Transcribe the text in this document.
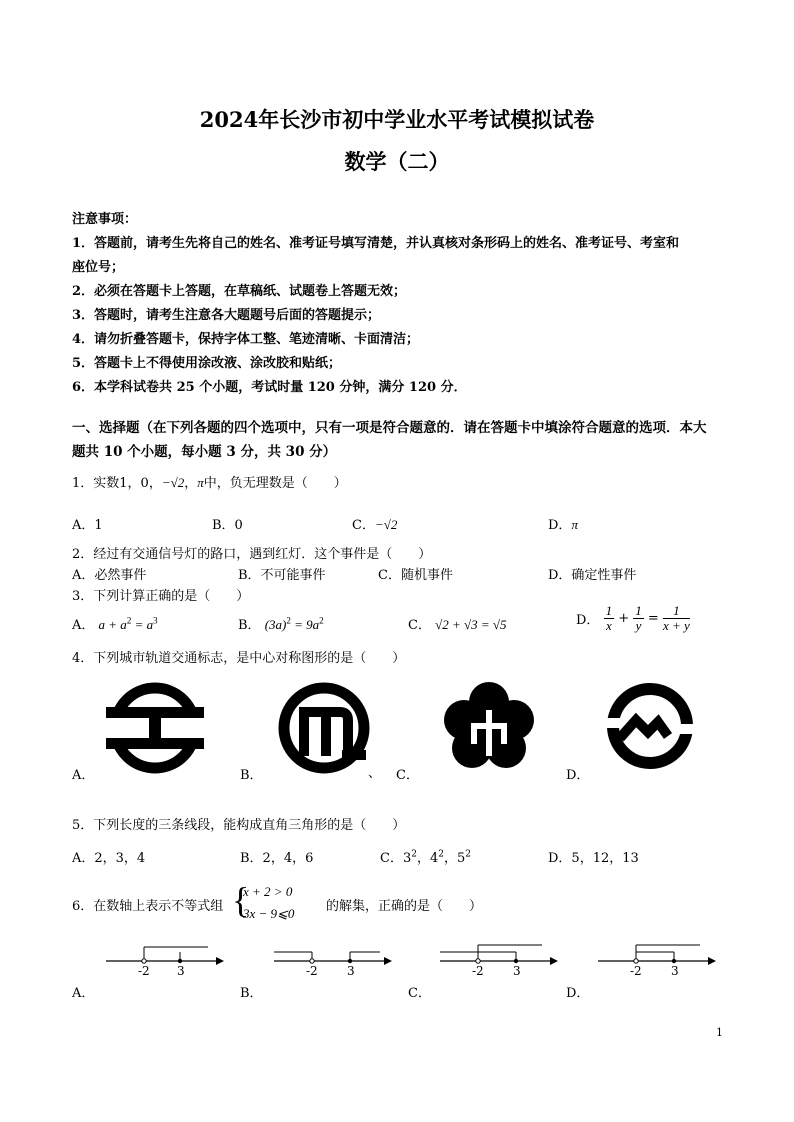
2024年长沙市初中学业水平考试模拟试卷
数学（二）
注意事项：
1．答题前，请考生先将自己的姓名、准考证号填写清楚，并认真核对条形码上的姓名、准考证号、考室和
座位号；
2．必须在答题卡上答题，在草稿纸、试题卷上答题无效；
3．答题时，请考生注意各大题题号后面的答题提示；
4．请勿折叠答题卡，保持字体工整、笔迹清晰、卡面清洁；
5．答题卡上不得使用涂改液、涂改胶和贴纸；
6．本学科试卷共 25 个小题，考试时量 120 分钟，满分 120 分．
一、选择题（在下列各题的四个选项中，只有一项是符合题意的．请在答题卡中填涂符合题意的选项．本大
题共 10 个小题，每小题 3 分，共 30 分）
1．实数1，0，−√2，π中，负无理数是（　　）
A．1	B．0	C．−√2	D．π
2．经过有交通信号灯的路口，遇到红灯．这个事件是（　　）
A．必然事件	B．不可能事件	C．随机事件	D．确定性事件
3．下列计算正确的是（　　）
A． $a + a^2 = a^3$	B． $(3a)^2 = 9a^2$	C． √2 + √3 = √5	D． $\frac{1}{x} + \frac{1}{y} = \frac{1}{x + y}$
4．下列城市轨道交通标志，是中心对称图形的是（　　）
A．	B．	、 C．	D．
5．下列长度的三条线段，能构成直角三角形的是（　　）
A．2，3，4	B．2，4，6	C．$3^2$，$4^2$，$5^2$	D．5，12，13
6．在数轴上表示不等式组 {
x + 2 > 0
3x − 9⩽0 的解集，正确的是（　　）
-2 3	-2 3	-2 3	-2 3
A．	B．	C．	D．
1
